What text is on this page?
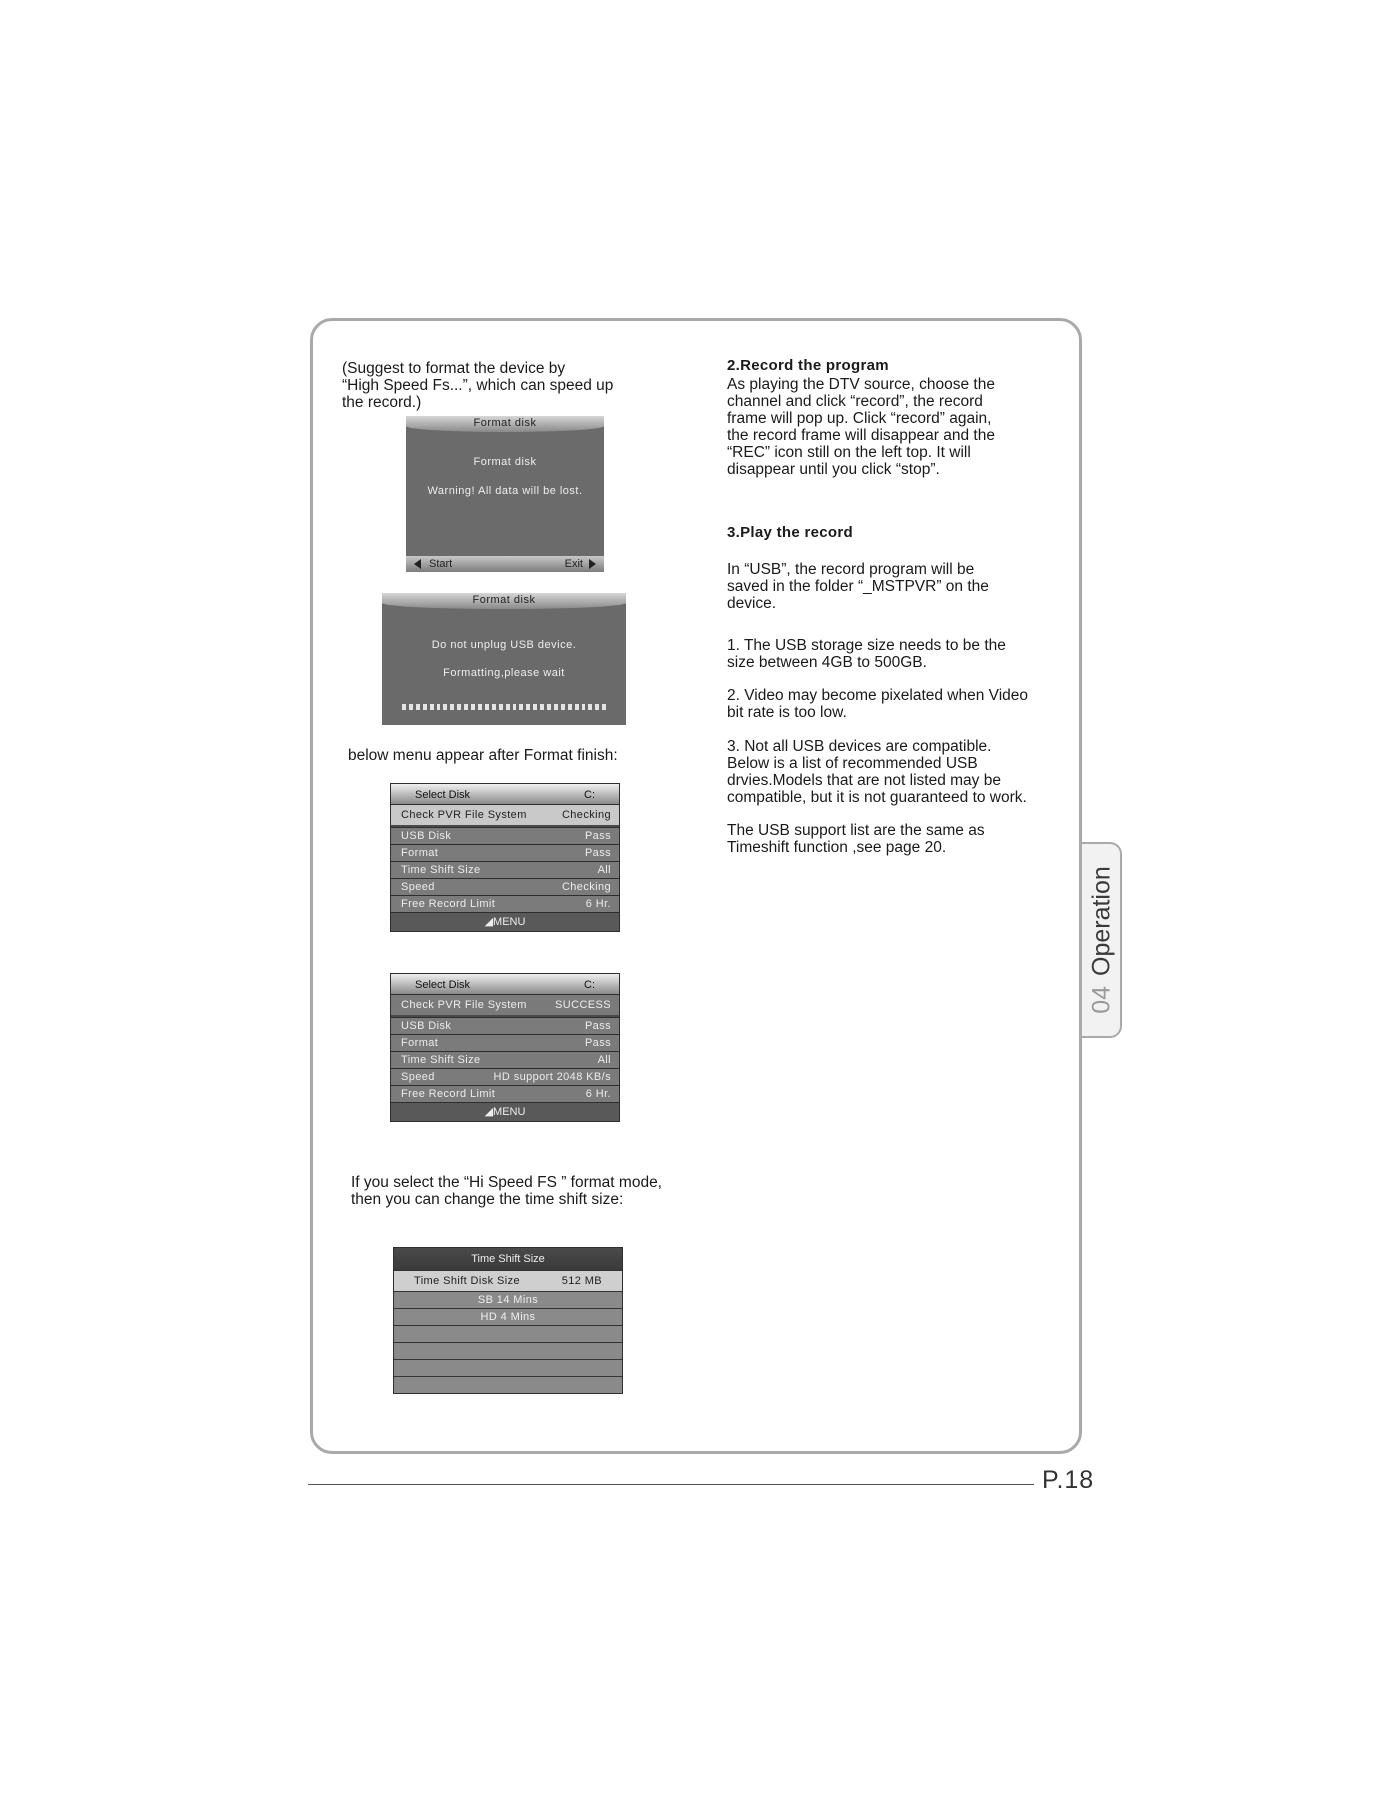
04Operation

(Suggest to format the device by

“High Speed Fs...”, which can speed up

the record.)

Format disk
Format disk
Warning! All data will be lost.
Start	Exit
Format disk
Do not unplug USB device.
Formatting,please wait

below menu appear after Format finish:

Select Disk	C:
Check PVR File System	Checking
USB Disk	Pass
Format	Pass
Time Shift Size	All
Speed	Checking
Free Record Limit	6 Hr.
◢MENU
Select Disk	C:
Check PVR File System	SUCCESS
USB Disk	Pass
Format	Pass
Time Shift Size	All
Speed	HD support 2048 KB/s
Free Record Limit	6 Hr.
◢MENU

If you select the “Hi Speed FS ” format mode,

then you can change the time shift size:

Time Shift Size
Time Shift Disk Size	512 MB
SB 14 Mins
HD 4 Mins
2.Record the program

As playing the DTV source, choose the

channel and click “record”, the record

frame will pop up. Click “record” again,

the record frame will disappear and the

“REC” icon still on the left top. It will

disappear until you click “stop”.

3.Play the record

In “USB”, the record program will be

saved in the folder “_MSTPVR” on the

device.

1. The USB storage size needs to be the

size between 4GB to 500GB.

2. Video may become pixelated when Video

bit rate is too low.

3. Not all USB devices are compatible.

Below is a list of recommended USB

drvies.Models that are not listed may be

compatible, but it is not guaranteed to work.

The USB support list are the same as

Timeshift function ,see page 20.

P.18
